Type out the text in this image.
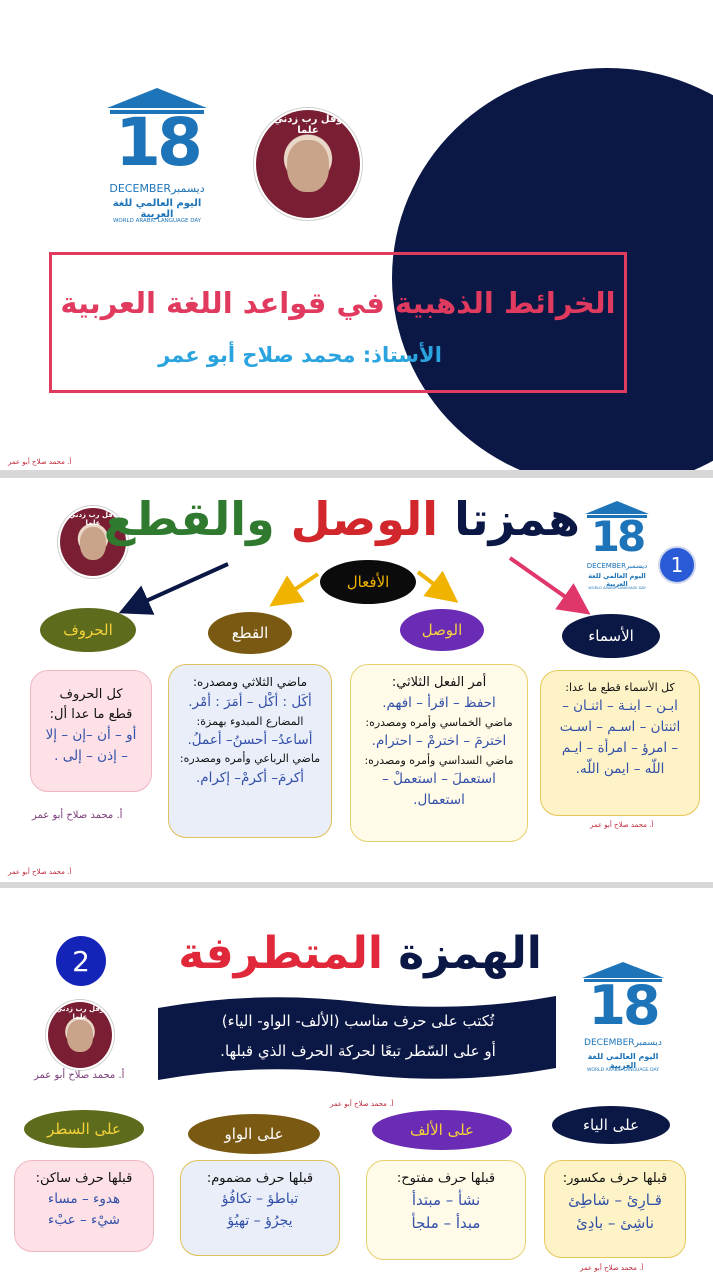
18
DECEMBERديسمبر
اليوم العالمي للغة العربية
WORLD ARABIC LANGUAGE DAY
وقل رب زدني علما
الخرائط الذهبية في قواعد اللغة العربية
الأستاذ: محمد صلاح أبو عمر
أ. محمد صلاح أبو عمر
وقل رب زدني علما	همزتا الوصل والقطع	18
DECEMBERديسمبر
اليوم العالمي للغة العربية
WORLD ARABIC LANGUAGE DAY
1
الأفعال
الأسماء
الوصل
القطع
الحروف
كل الأسماء قطع ما عدا:
ابـن – ابنـة – اثنـان –
اثنتان – اسـم – اسـت
– امرؤ – امرأة – ايـم
اللّه – ايمن اللّه.
أ. محمد صلاح أبو عمر
أمر الفعل الثلاثي:
احفظ – اقرأ – افهم.
ماضي الخماسي وأمره ومصدره:
اخترمَ – اخترمْ – احترام.
ماضي السداسي وأمره ومصدره:
استعملَ – استعملْ – استعمال.
ماضي الثلاثي ومصدره:
أكَل : أكْل – أمَرَ : أمْر.
المضارع المبدوء بهمزة:
أساعدُ– أحسنُ– أعملُ.
ماضي الرباعي وأمره ومصدره:
أكرمَ– أكرمْ– إكرام.
كل الحروف
قطع ما عدا أل:
أو – أن –إن – إلا
– إذن – إلى .
أ. محمد صلاح أبو عمر
أ. محمد صلاح أبو عمر
2	الهمزة المتطرفة
18
DECEMBERديسمبر
اليوم العالمي للغة العربية
WORLD ARABIC LANGUAGE DAY
وقل رب زدني علما
أ. محمد صلاح أبو عمر
تُكتب على حرف مناسب (الألف- الواو- الياء)
أو على السّطر تبعًا لحركة الحرف الذي قبلها.
أ. محمد صلاح أبو عمر
على الياء
على الألف
على الواو
على السطر
قبلها حرف مكسور:
قـارِئ – شاطِئ
ناشِئ – بادِئ
أ. محمد صلاح أبو عمر
قبلها حرف مفتوح:
نشأ – مبتدأ
مبدأ – ملجأ
قبلها حرف مضموم:
تباطؤ – تكافُؤ
يجرُؤ – تهيُؤ
قبلها حرف ساكن:
هدوء – مساء
شيْء – عبْء
